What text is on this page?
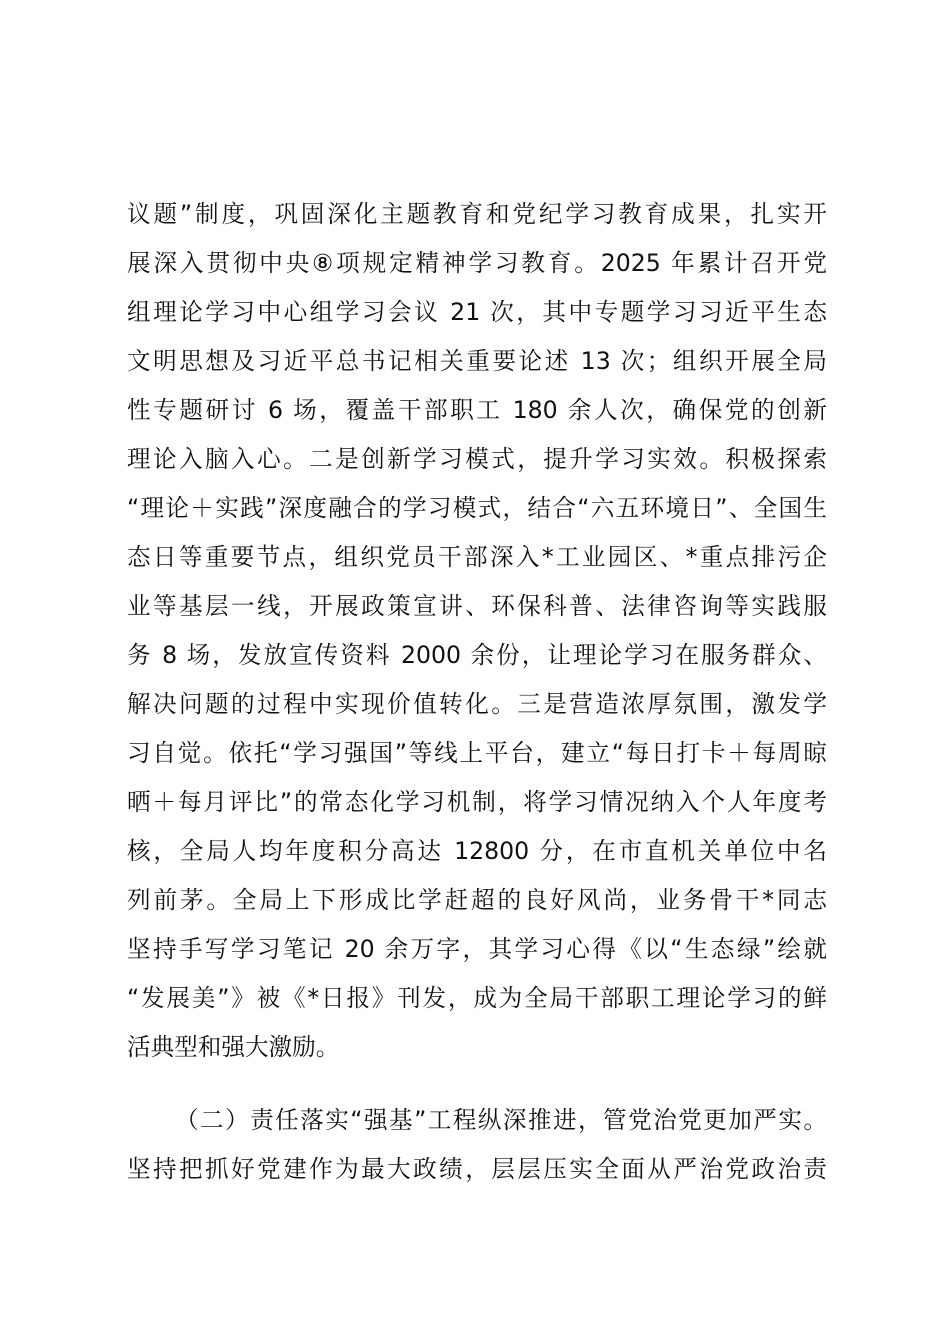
议题”制度，巩固深化主题教育和党纪学习教育成果，扎实开
展深入贯彻中央⑧项规定精神学习教育。2025 年累计召开党
组理论学习中心组学习会议 21 次，其中专题学习习近平生态
文明思想及习近平总书记相关重要论述 13 次；组织开展全局
性专题研讨 6 场，覆盖干部职工 180 余人次，确保党的创新
理论入脑入心。二是创新学习模式，提升学习实效。积极探索
“理论＋实践”深度融合的学习模式，结合“六五环境日”、全国生
态日等重要节点，组织党员干部深入*工业园区、*重点排污企
业等基层一线，开展政策宣讲、环保科普、法律咨询等实践服
务 8 场，发放宣传资料 2000 余份，让理论学习在服务群众、
解决问题的过程中实现价值转化。三是营造浓厚氛围，激发学
习自觉。依托“学习强国”等线上平台，建立“每日打卡＋每周晾
晒＋每月评比”的常态化学习机制，将学习情况纳入个人年度考
核，全局人均年度积分高达 12800 分，在市直机关单位中名
列前茅。全局上下形成比学赶超的良好风尚，业务骨干*同志
坚持手写学习笔记 20 余万字，其学习心得《以“生态绿”绘就
“发展美”》被《*日报》刊发，成为全局干部职工理论学习的鲜
活典型和强大激励。
（二）责任落实“强基”工程纵深推进，管党治党更加严实。
坚持把抓好党建作为最大政绩，层层压实全面从严治党政治责
